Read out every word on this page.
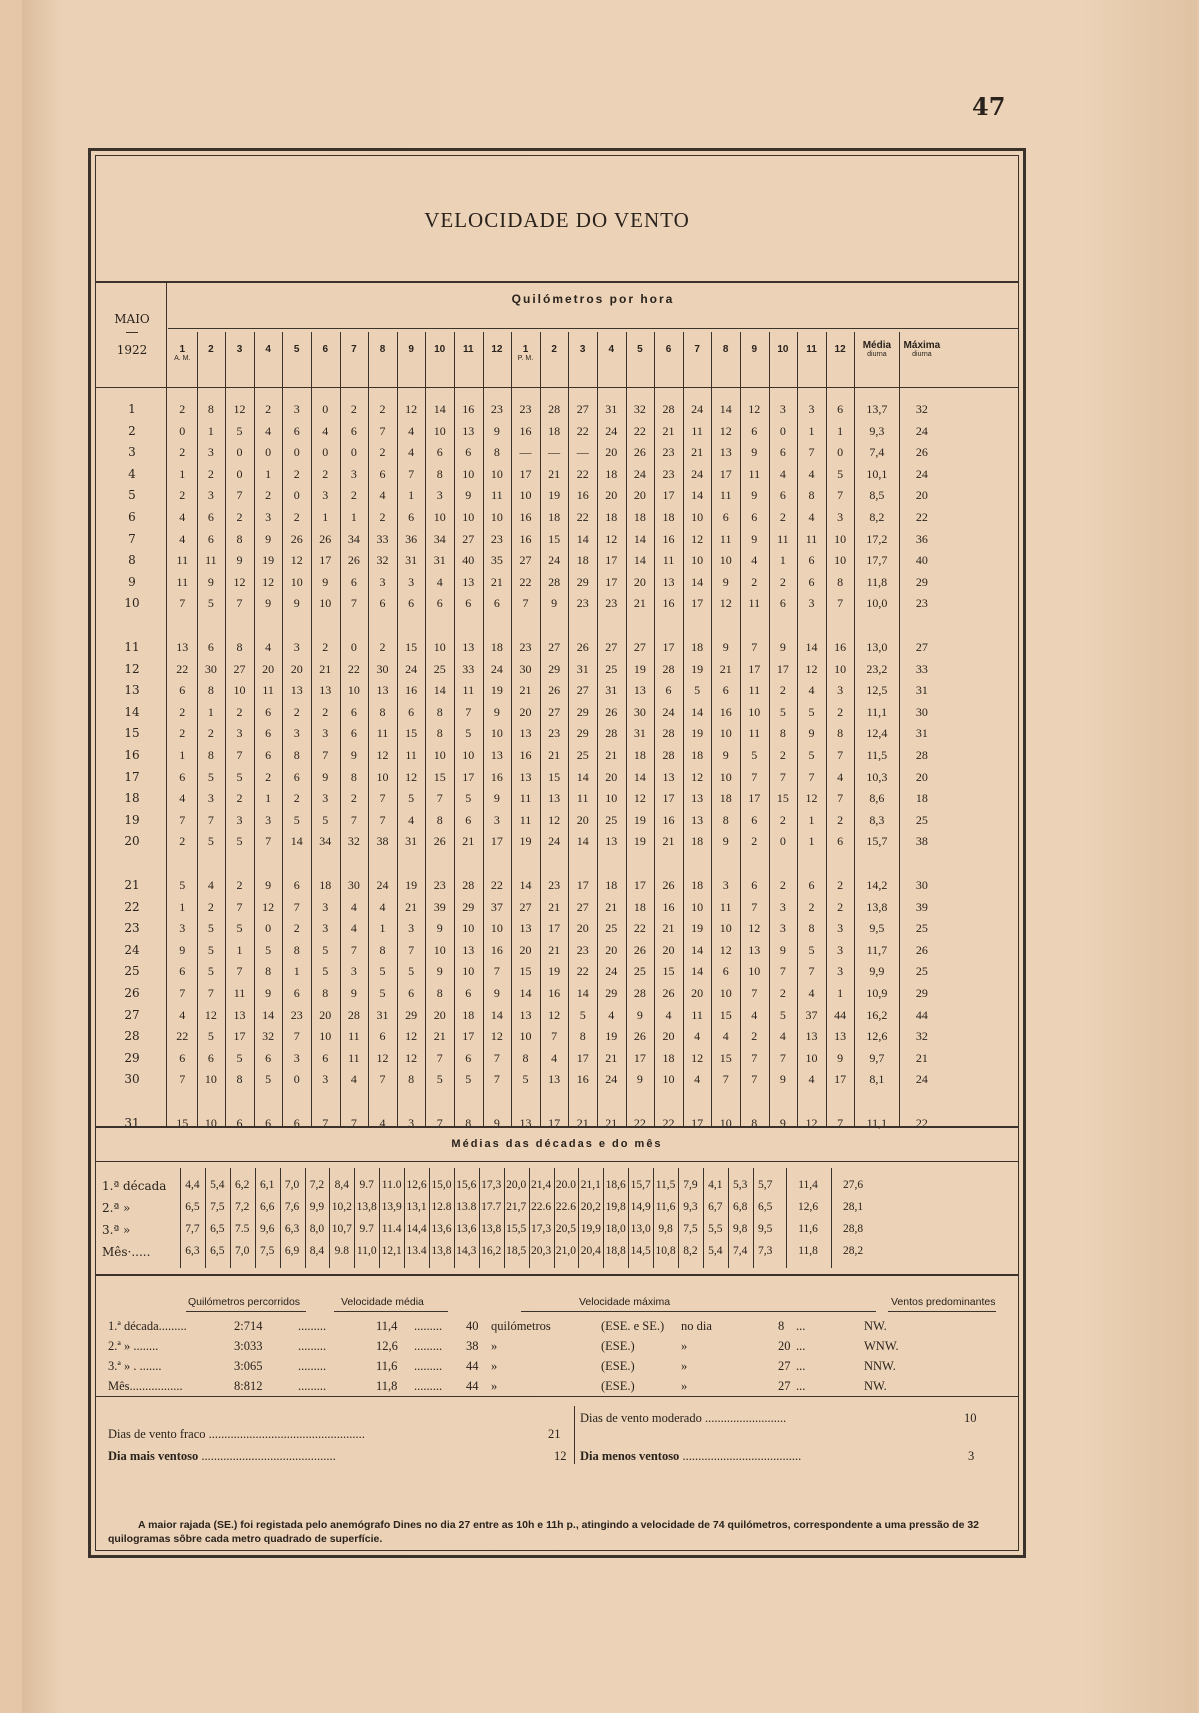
47
VELOCIDADE DO VENTO
Quilómetros por hora
MAIO
1922	1
A. M.
2	3	4	5	6	7	8	9	10	11	12	1
P. M.
2	3	4	5	6	7	8	9	10	11	12	Média
diurna
Máxima
diurna
1	2	8	12	2	3	0	2	2	12	14	16	23	23	28	27	31	32	28	24	14	12	3	3	6	13,7	32
2	0	1	5	4	6	4	6	7	4	10	13	9	16	18	22	24	22	21	11	12	6	0	1	1	9,3	24
3	2	3	0	0	0	0	0	2	4	6	6	8	—	—	—	20	26	23	21	13	9	6	7	0	7,4	26
4	1	2	0	1	2	2	3	6	7	8	10	10	17	21	22	18	24	23	24	17	11	4	4	5	10,1	24
5	2	3	7	2	0	3	2	4	1	3	9	11	10	19	16	20	20	17	14	11	9	6	8	7	8,5	20
6	4	6	2	3	2	1	1	2	6	10	10	10	16	18	22	18	18	18	10	6	6	2	4	3	8,2	22
7	4	6	8	9	26	26	34	33	36	34	27	23	16	15	14	12	14	16	12	11	9	11	11	10	17,2	36
8	11	11	9	19	12	17	26	32	31	31	40	35	27	24	18	17	14	11	10	10	4	1	6	10	17,7	40
9	11	9	12	12	10	9	6	3	3	4	13	21	22	28	29	17	20	13	14	9	2	2	6	8	11,8	29
10	7	5	7	9	9	10	7	6	6	6	6	6	7	9	23	23	21	16	17	12	11	6	3	7	10,0	23
11	13	6	8	4	3	2	0	2	15	10	13	18	23	27	26	27	27	17	18	9	7	9	14	16	13,0	27
12	22	30	27	20	20	21	22	30	24	25	33	24	30	29	31	25	19	28	19	21	17	17	12	10	23,2	33
13	6	8	10	11	13	13	10	13	16	14	11	19	21	26	27	31	13	6	5	6	11	2	4	3	12,5	31
14	2	1	2	6	2	2	6	8	6	8	7	9	20	27	29	26	30	24	14	16	10	5	5	2	11,1	30
15	2	2	3	6	3	3	6	11	15	8	5	10	13	23	29	28	31	28	19	10	11	8	9	8	12,4	31
16	1	8	7	6	8	7	9	12	11	10	10	13	16	21	25	21	18	28	18	9	5	2	5	7	11,5	28
17	6	5	5	2	6	9	8	10	12	15	17	16	13	15	14	20	14	13	12	10	7	7	7	4	10,3	20
18	4	3	2	1	2	3	2	7	5	7	5	9	11	13	11	10	12	17	13	18	17	15	12	7	8,6	18
19	7	7	3	3	5	5	7	7	4	8	6	3	11	12	20	25	19	16	13	8	6	2	1	2	8,3	25
20	2	5	5	7	14	34	32	38	31	26	21	17	19	24	14	13	19	21	18	9	2	0	1	6	15,7	38
21	5	4	2	9	6	18	30	24	19	23	28	22	14	23	17	18	17	26	18	3	6	2	6	2	14,2	30
22	1	2	7	12	7	3	4	4	21	39	29	37	27	21	27	21	18	16	10	11	7	3	2	2	13,8	39
23	3	5	5	0	2	3	4	1	3	9	10	10	13	17	20	25	22	21	19	10	12	3	8	3	9,5	25
24	9	5	1	5	8	5	7	8	7	10	13	16	20	21	23	20	26	20	14	12	13	9	5	3	11,7	26
25	6	5	7	8	1	5	3	5	5	9	10	7	15	19	22	24	25	15	14	6	10	7	7	3	9,9	25
26	7	7	11	9	6	8	9	5	6	8	6	9	14	16	14	29	28	26	20	10	7	2	4	1	10,9	29
27	4	12	13	14	23	20	28	31	29	20	18	14	13	12	5	4	9	4	11	15	4	5	37	44	16,2	44
28	22	5	17	32	7	10	11	6	12	21	17	12	10	7	8	19	26	20	4	4	2	4	13	13	12,6	32
29	6	6	5	6	3	6	11	12	12	7	6	7	8	4	17	21	17	18	12	15	7	7	10	9	9,7	21
30	7	10	8	5	0	3	4	7	8	5	5	7	5	13	16	24	9	10	4	7	7	9	4	17	8,1	24
31	15	10	6	6	6	7	7	4	3	7	8	9	13	17	21	21	22	22	17	10	8	9	12	7	11,1	22
Médias das décadas e do mês
1.ª década	4,4 5,4 6,2 6,1 7,0 7,2 8,4 9.7 11.0 12,6 15,0 15,6 17,3 20,0 21,4 20.0 21,1 18,6 15,7 11,5 7,9 4,1 5,3 5,7	11,4	27,6
2.ª »	6,5 7,5 7,2 6,6 7,6 9,9 10,2 13,8 13,9 13,1 12.8 13.8 17.7 21,7 22.6 22.6 20,2 19,8 14,9 11,6 9,3 6,7 6,8 6,5	12,6	28,1
3.ª »	7,7 6,5 7.5 9,6 6,3 8,0 10,7 9.7 11.4 14,4 13,6 13,6 13,8 15,5 17,3 20,5 19,9 18,0 13,0 9,8 7,5 5,5 9,8 9,5	11,6	28,8
Mês·.....	6,3 6,5 7,0 7,5 6,9 8,4 9.8 11,0 12,1 13.4 13,8 14,3 16,2 18,5 20,3 21,0 20,4 18,8 14,5 10,8 8,2 5,4 7,4 7,3	11,8	28,2
Quilómetros percorridos	Velocidade média	Velocidade máxima	Ventos predominantes
1.ª década.........	2:714	.........	11,4 ......... 40 quilómetros	(ESE. e SE.) no dia	8 ...	NW.
2.ª » ........	3:033	.........	12,6 ......... 38 »	(ESE.)	»	20 ...	WNW.
3.ª » . .......	3:065	.........	11,6 ......... 44 »	(ESE.)	»	27 ...	NNW.
Mês.................	8:812	.........	11,8 ......... 44 »	(ESE.)	»	27 ...	NW.
Dias de vento moderado ..........................	10
Dias de vento fraco ..................................................	21
Dia mais ventoso ...........................................	12 Dia menos ventoso ......................................	3
A maior rajada (SE.) foi registada pelo anemógrafo Dines no dia 27 entre as 10h e 11h p., atingindo a velocidade de 74 quilómetros, correspondente a uma pressão de 32 quilogramas sôbre cada metro quadrado de superfície.
